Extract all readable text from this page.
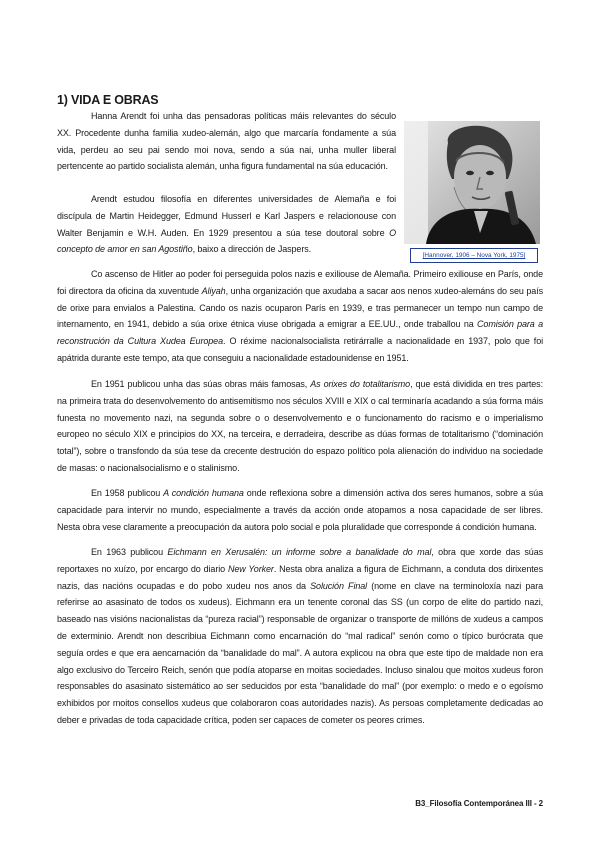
1) VIDA E OBRAS

Hanna Arendt foi unha das pensadoras políticas máis relevantes do século XX. Procedente dunha familia xudeo-alemán, algo que marcaría fondamente a súa vida, perdeu ao seu pai sendo moi nova, sendo a súa nai, unha muller liberal pertencente ao partido socialista alemán, unha figura fundamental na súa educación.

Arendt estudou filosofía en diferentes universidades de Alemaña e foi discípula de Martin Heidegger, Edmund Husserl e Karl Jaspers e relacionouse con Walter Benjamin e W.H. Auden. En 1929 presentou a súa tese doutoral sobre O concepto de amor en san Agostiño, baixo a dirección de Jaspers.

[Hannover, 1906 – Nova York, 1975]

Co ascenso de Hitler ao poder foi perseguida polos nazis e exiliouse de Alemaña. Primeiro exiliouse en París, onde foi directora da oficina da xuventude Aliyah, unha organización que axudaba a sacar aos nenos xudeo-alemáns do seu país de orixe para envialos a Palestina. Cando os nazis ocuparon París en 1939, e tras permanecer un tempo nun campo de internamento, en 1941, debido a súa orixe étnica viuse obrigada a emigrar a EE.UU., onde traballou na Comisión para a reconstrución da Cultura Xudea Europea. O réxime nacionalsocialista retirárralle a nacionalidade en 1937, polo que foi apátrida durante este tempo, ata que conseguiu a nacionalidade estadounidense en 1951.

En 1951 publicou unha das súas obras máis famosas, As orixes do totalitarismo, que está dividida en tres partes: na primeira trata do desenvolvemento do antisemitismo nos séculos XVIII e XIX o cal terminaría acadando a súa forma máis funesta no movemento nazi, na segunda sobre o o desenvolvemento e o funcionamento do racismo e o imperialismo europeo no século XIX e principios do XX, na terceira, e derradeira, describe as dúas formas de totalitarismo (“dominación total”), sobre o transfondo da súa tese da crecente destrución do espazo político pola alienación do individuo na sociedade de masas: o nacionalsocialismo e o stalinismo.

En 1958 publicou A condición humana onde reflexiona sobre a dimensión activa dos seres humanos, sobre a súa capacidade para intervir no mundo, especialmente a través da acción onde atopamos a nosa capacidade de ser libres. Nesta obra vese claramente a preocupación da autora polo social e pola pluralidade que corresponde á condición humana.

En 1963 publicou Eichmann en Xerusalén: un informe sobre a banalidade do mal, obra que xorde das súas reportaxes no xuízo, por encargo do diario New Yorker. Nesta obra analiza a figura de Eichmann, a conduta dos dirixentes nazis, das nacións ocupadas e do pobo xudeu nos anos da Solución Final (nome en clave na terminoloxía nazi para referirse ao asasinato de todos os xudeus). Eichmann era un tenente coronal das SS (un corpo de elite do partido nazi, baseado nas visións nacionalistas da “pureza racial”) responsable de organizar o transporte de millóns de xudeus a campos de exterminio. Arendt non describiua Eichmann como encarnación do “mal radical” senón como o típico burócrata que seguía ordes e que era aencarnación da “banalidade do mal”. A autora explicou na obra que este tipo de maldade non era algo exclusivo do Terceiro Reich, senón que podía atoparse en moitas sociedades. Incluso sinalou que moitos xudeus foron responsables do asasinato sistemático ao ser seducidos por esta “banalidade do mal” (por exemplo: o medo e o egoísmo exhibidos por moitos consellos xudeus que colaboraron coas autoridades nazis). As persoas completamente dedicadas ao deber e privadas de toda capacidade crítica, poden ser capaces de cometer os peores crimes.

B3_Filosofía Contemporánea III - 2
